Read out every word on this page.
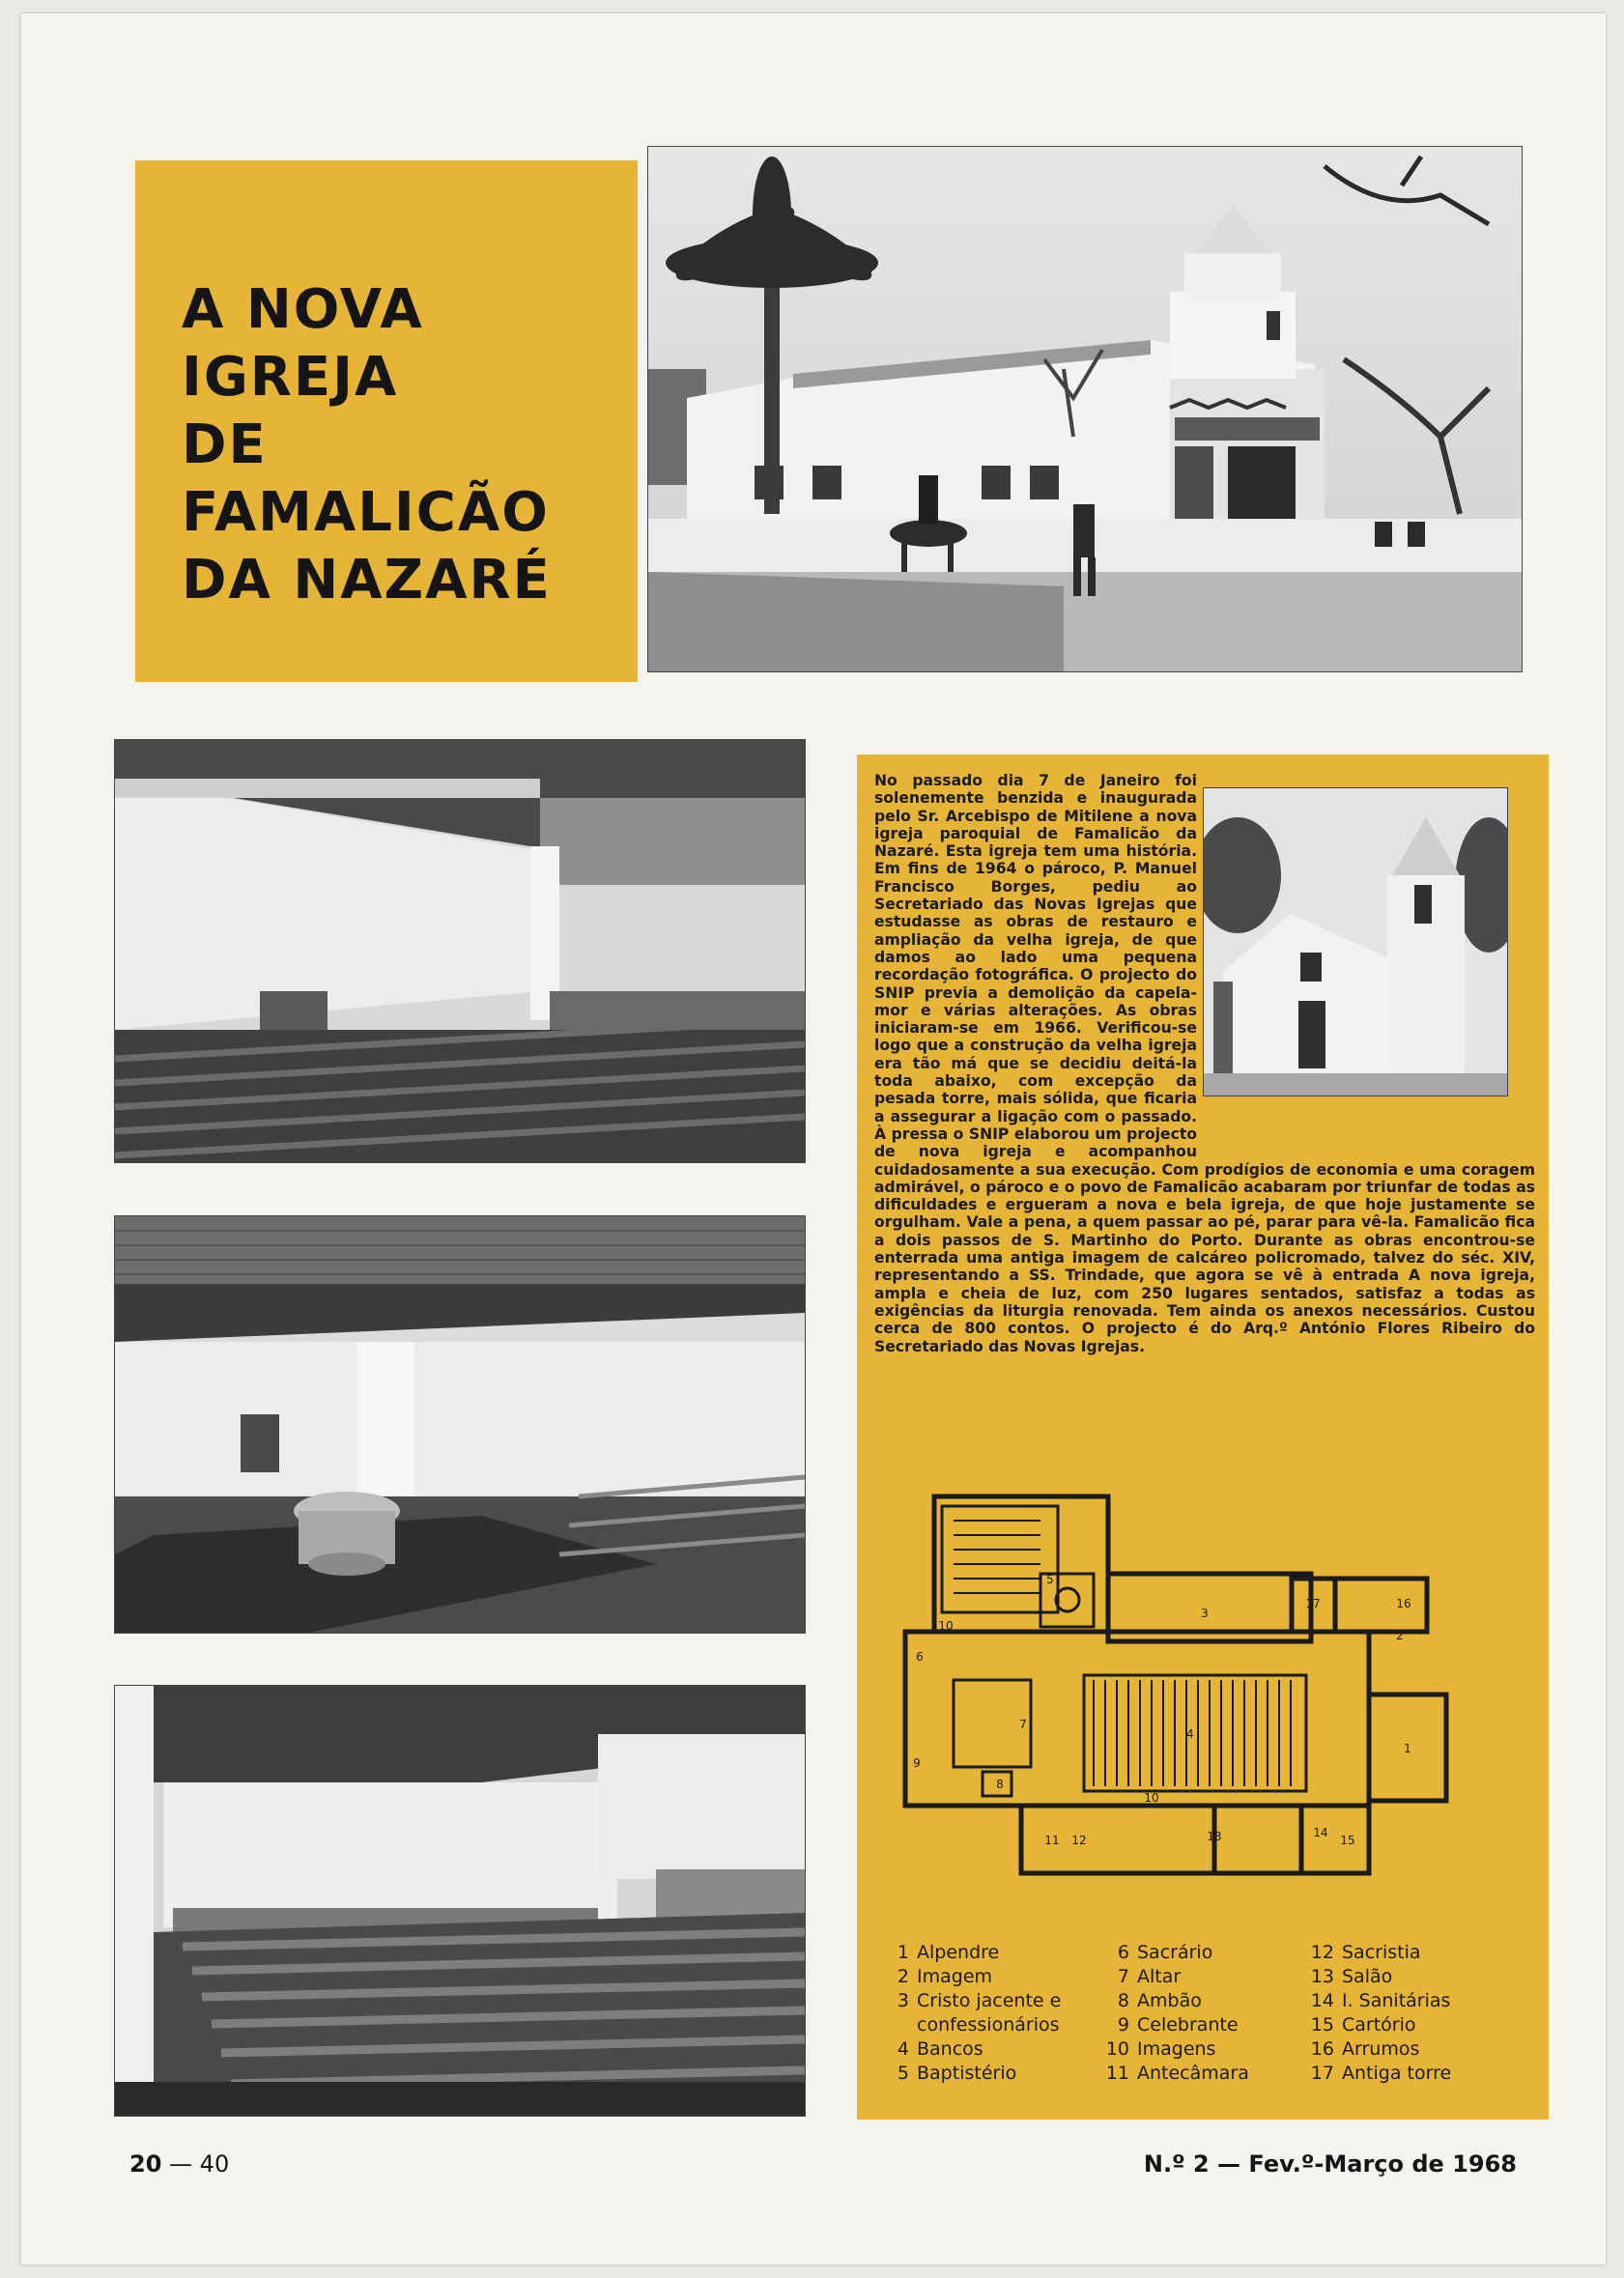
A NOVA
IGREJA
DE
FAMALICÃO
DA NAZARÉ

No passado dia 7 de Janeiro foi solenemente benzida e inaugurada pelo Sr. Arcebispo de Mitilene a nova igreja paroquial de Famalicão da Nazaré. Esta igreja tem uma história. Em fins de 1964 o pároco, P. Manuel Francisco Borges, pediu ao Secretariado das Novas Igrejas que estudasse as obras de restauro e ampliação da velha igreja, de que damos ao lado uma pequena recordação fotográfica. O projecto do SNIP previa a demolição da capela-mor e várias alterações. As obras iniciaram-se em 1966. Verificou-se logo que a construção da velha igreja era tão má que se decidiu deitá-la toda abaixo, com excepção da pesada torre, mais sólida, que ficaria a assegurar a ligação com o passado. À pressa o SNIP elaborou um projecto de nova igreja e acompanhou cuidadosamente a sua execução. Com prodígios de economia e uma coragem admirável, o pároco e o povo de Famalicão acabaram por triunfar de todas as dificuldades e ergueram a nova e bela igreja, de que hoje justamente se orgulham. Vale a pena, a quem passar ao pé, parar para vê-la. Famalicão fica a dois passos de S. Martinho do Porto. Durante as obras encontrou-se enterrada uma antiga imagem de calcáreo policromado, talvez do séc. XIV, representando a SS. Trindade, que agora se vê à entrada A nova igreja, ampla e cheia de luz, com 250 lugares sentados, satisfaz a todas as exigências da liturgia renovada. Tem ainda os anexos necessários. Custou cerca de 800 contos. O projecto é do Arq.º António Flores Ribeiro do Secretariado das Novas Igrejas.

1
2
3
4
5
6
7
8
9
10
10
11 12	13	14
15
16
17
1 Alpendre
2 Imagem
3 Cristo jacente e
confessionários
4 Bancos
5 Baptistério
6 Sacrário
7 Altar
8 Ambão
9 Celebrante
10 Imagens
11 Antecâmara
12 Sacristia
13 Salão
14 I. Sanitárias
15 Cartório
16 Arrumos
17 Antiga torre
20 — 40	N.º 2 — Fev.º-Março de 1968
